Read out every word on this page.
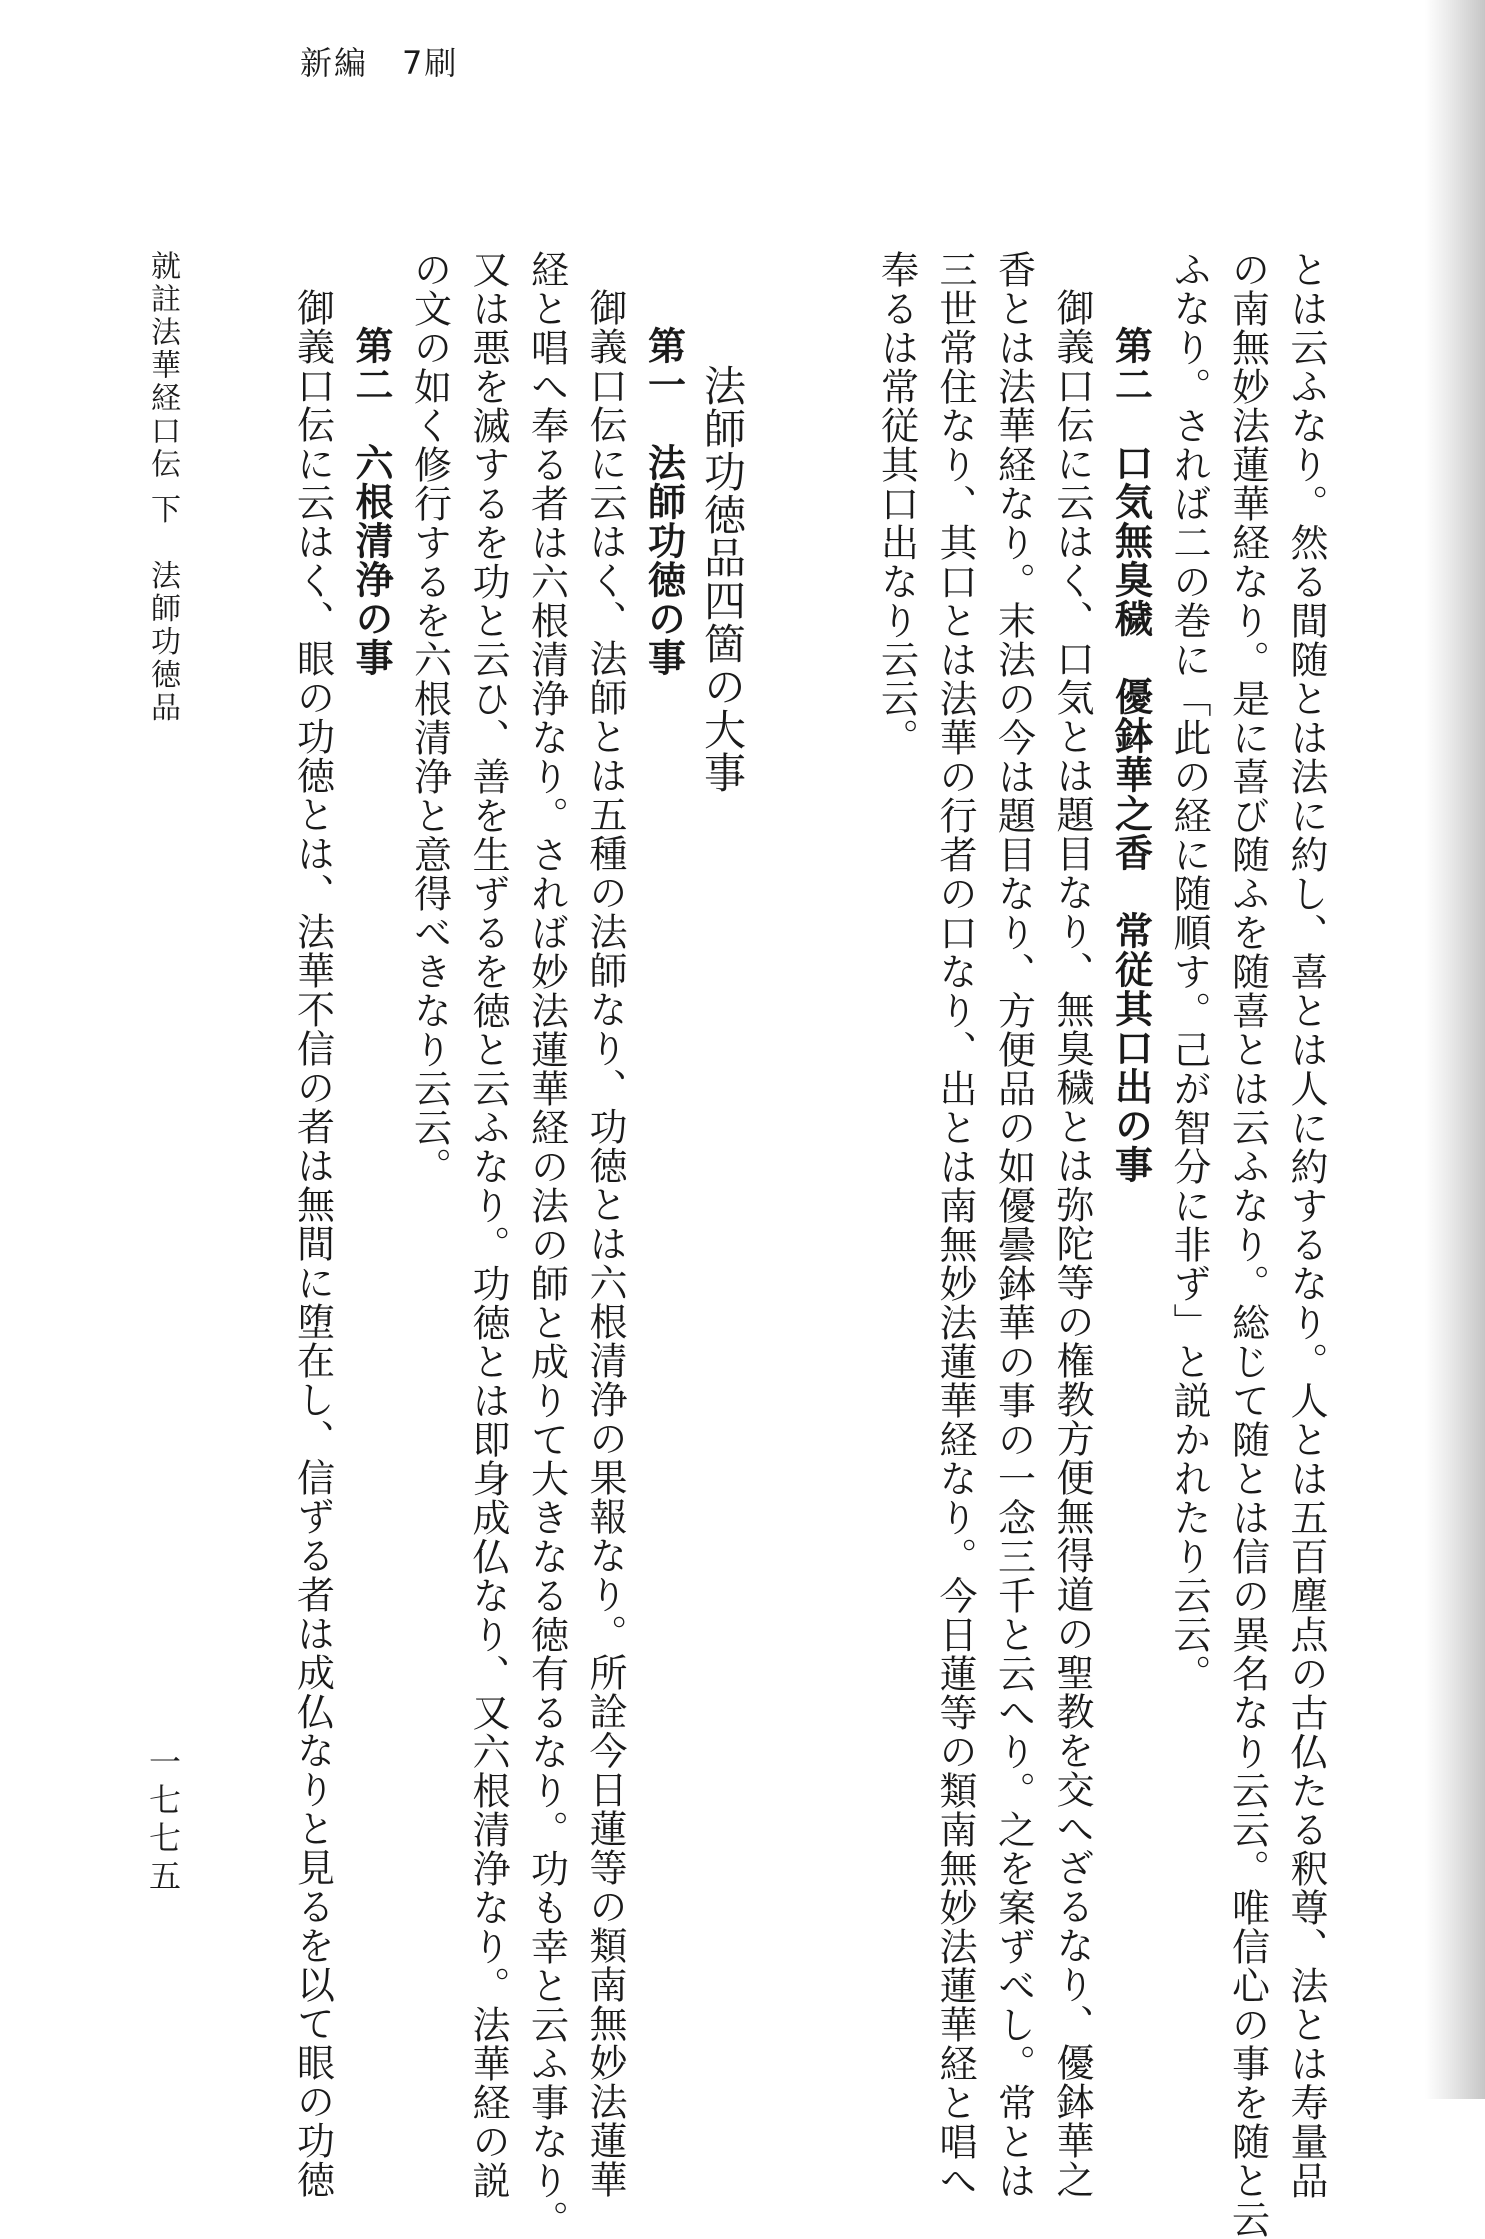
新編　7刷

とは云ふなり。然る間随とは法に約し、喜とは人に約するなり。人とは五百塵点の古仏たる釈尊、法とは寿量品

の南無妙法蓮華経なり。是に喜び随ふを随喜とは云ふなり。総じて随とは信の異名なり云云。唯信心の事を随と云

ふなり。されば二の巻に「此の経に随順す。己が智分に非ず」と説かれたり云云。

第二　口気無臭穢　優鉢華之香　常従其口出の事

御義口伝に云はく、口気とは題目なり、無臭穢とは弥陀等の権教方便無得道の聖教を交へざるなり、優鉢華之

香とは法華経なり。末法の今は題目なり、方便品の如優曇鉢華の事の一念三千と云へり。之を案ずべし。常とは

三世常住なり、其口とは法華の行者の口なり、出とは南無妙法蓮華経なり。今日蓮等の類南無妙法蓮華経と唱へ

奉るは常従其口出なり云云。

法師功徳品四箇の大事

第一　法師功徳の事

御義口伝に云はく、法師とは五種の法師なり、功徳とは六根清浄の果報なり。所詮今日蓮等の類南無妙法蓮華

経と唱へ奉る者は六根清浄なり。されば妙法蓮華経の法の師と成りて大きなる徳有るなり。功も幸と云ふ事なり。

又は悪を滅するを功と云ひ、善を生ずるを徳と云ふなり。功徳とは即身成仏なり、又六根清浄なり。法華経の説

の文の如く修行するを六根清浄と意得べきなり云云。

第二　六根清浄の事

御義口伝に云はく、眼の功徳とは、法華不信の者は無間に堕在し、信ずる者は成仏なりと見るを以て眼の功徳

就註法華経口伝 下　法師功徳品
一七七五
